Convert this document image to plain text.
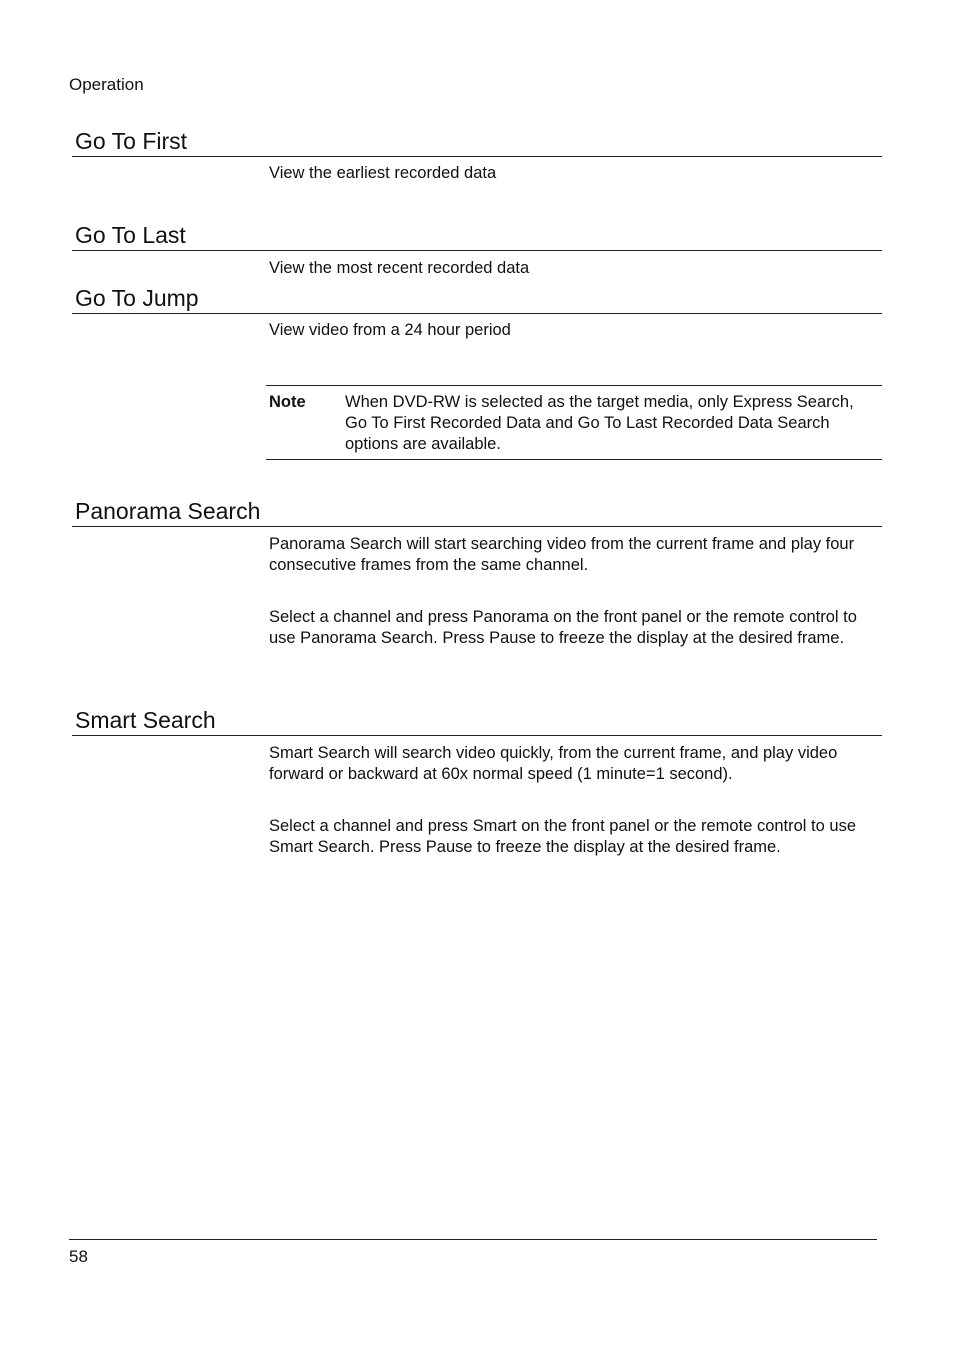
Operation
Go To First

View the earliest recorded data

Go To Last

View the most recent recorded data

Go To Jump

View video from a 24 hour period

Note When DVD-RW is selected as the target media, only Express Search, Go To First Recorded Data and Go To Last Recorded Data Search options are available.

Panorama Search

Panorama Search will start searching video from the current frame and play four consecutive frames from the same channel.

Select a channel and press Panorama on the front panel or the remote control to use Panorama Search. Press Pause to freeze the display at the desired frame.

Smart Search

Smart Search will search video quickly, from the current frame, and play video forward or backward at 60x normal speed (1 minute=1 second).

Select a channel and press Smart on the front panel or the remote control to use Smart Search. Press Pause to freeze the display at the desired frame.

58
